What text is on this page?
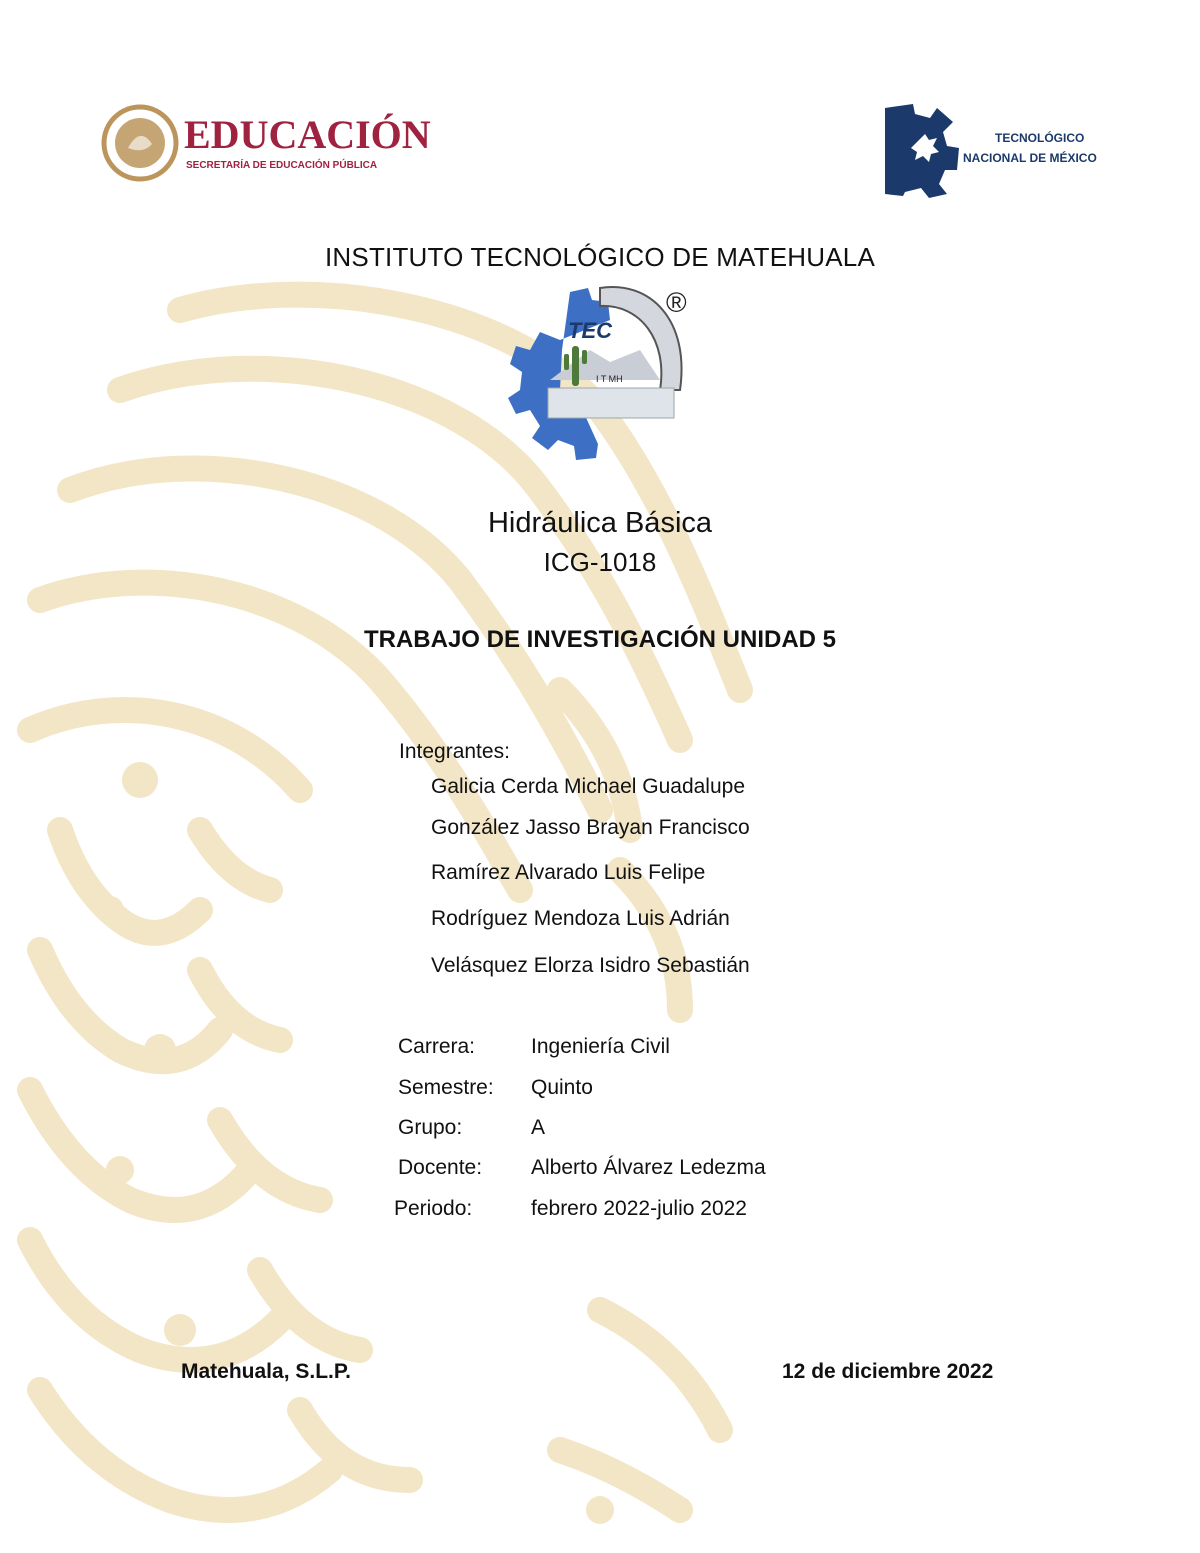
EDUCACIÓN
SECRETARÍA DE EDUCACIÓN PÚBLICA
TECNOLÓGICO
NACIONAL DE MÉXICO
INSTITUTO TECNOLÓGICO DE MATEHUALA
TEC
I T MH
®
Hidráulica Básica
ICG-1018
TRABAJO DE INVESTIGACIÓN UNIDAD 5
Integrantes:
Galicia Cerda Michael Guadalupe
González Jasso Brayan Francisco
Ramírez Alvarado Luis Felipe
Rodríguez Mendoza Luis Adrián
Velásquez Elorza Isidro Sebastián
Carrera:	Ingeniería Civil
Semestre: Quinto
Grupo:	A
Docente: Alberto Álvarez Ledezma
Periodo:	febrero 2022-julio 2022
Matehuala, S.L.P.	12 de diciembre 2022
